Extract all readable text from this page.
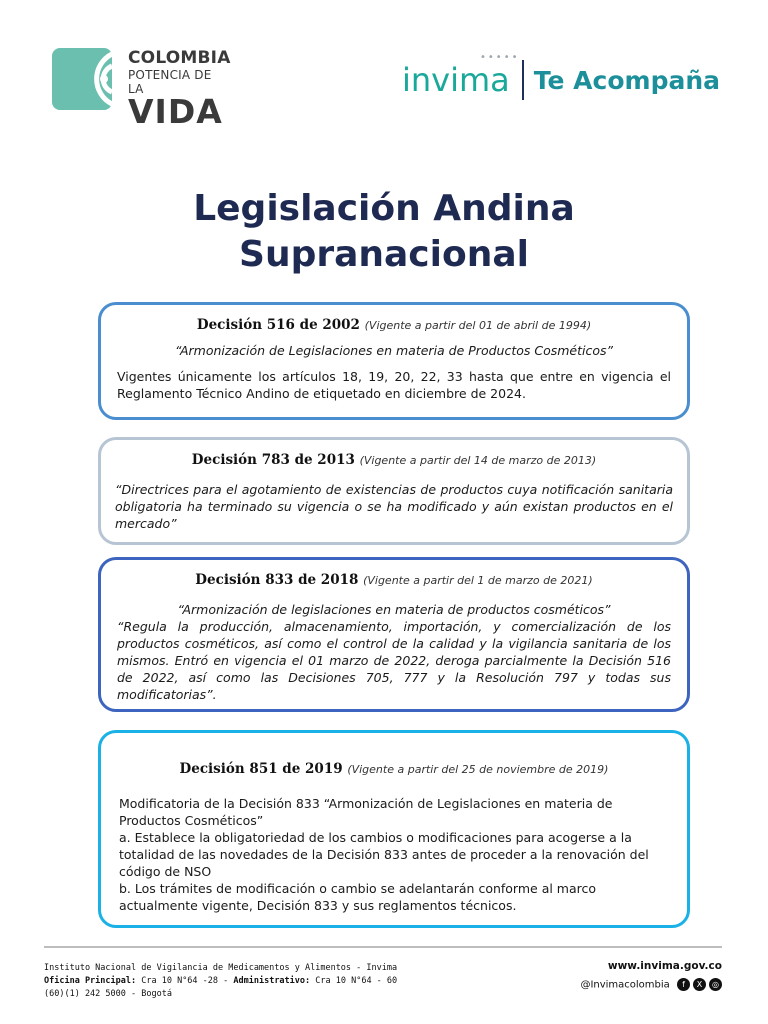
COLOMBIA
POTENCIA DE LA
VIDA
invima
•••••
Te Acompaña
Legislación Andina
Supranacional
Decisión 516 de 2002 (Vigente a partir del 01 de abril de 1994)

“Armonización de Legislaciones en materia de Productos Cosméticos”

Vigentes únicamente los artículos 18, 19, 20, 22, 33 hasta que entre en vigencia el Reglamento Técnico Andino de etiquetado en diciembre de 2024.

Decisión 783 de 2013 (Vigente a partir del 14 de marzo de 2013)

“Directrices para el agotamiento de existencias de productos cuya notificación sanitaria obligatoria ha terminado su vigencia o se ha modificado y aún existan productos en el mercado”

Decisión 833 de 2018 (Vigente a partir del 1 de marzo de 2021)

“Armonización de legislaciones en materia de productos cosméticos”

“Regula la producción, almacenamiento, importación, y comercialización de los productos cosméticos, así como el control de la calidad y la vigilancia sanitaria de los mismos. Entró en vigencia el 01 marzo de 2022, deroga parcialmente la Decisión 516 de 2022, así como las Decisiones 705, 777 y la Resolución 797 y todas sus modificatorias”.

Decisión 851 de 2019 (Vigente a partir del 25 de noviembre de 2019)

Modificatoria de la Decisión 833 “Armonización de Legislaciones en materia de Productos Cosméticos”

a. Establece la obligatoriedad de los cambios o modificaciones para acogerse a la totalidad de las novedades de la Decisión 833 antes de proceder a la renovación del código de NSO

b. Los trámites de modificación o cambio se adelantarán conforme al marco actualmente vigente, Decisión 833 y sus reglamentos técnicos.

Instituto Nacional de Vigilancia de Medicamentos y Alimentos - Invima
Oficina Principal: Cra 10 N°64 -28 - Administrativo: Cra 10 N°64 - 60
(60)(1) 242 5000 - Bogotá
www.invima.gov.co
@Invimacolombia	f	X	◎
